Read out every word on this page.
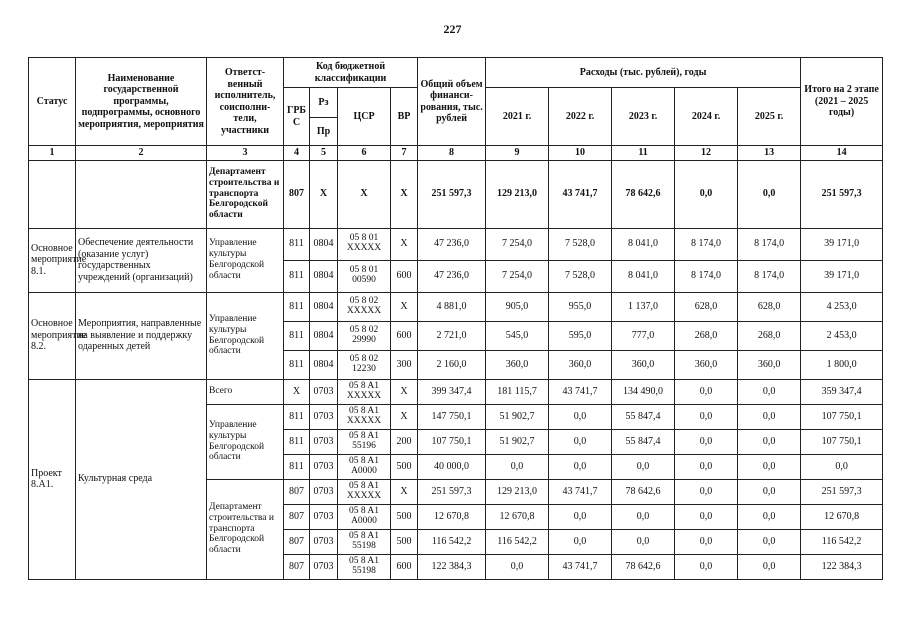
227
Статус	Наименование государственной программы, подпрограммы, основного мероприятия, мероприятия	Ответст-венный исполнитель, соисполни-тели, участники	Код бюджетной классификации				Общий объем финанси-рования, тыс. рублей	Расходы (тыс. рублей), годы					Итого на 2 этапе (2021 – 2025 годы)
			ГРБ С	Рз	ЦСР	ВР		2021 г.	2022 г.	2023 г.	2024 г.	2025 г.	
				Пр									
1	2	3	4	5	6	7	8	9	10	11	12	13	14
		Департамент строительства и транспорта Белгородской области	807	X	X	X	251 597,3	129 213,0	43 741,7	78 642,6	0,0	0,0	251 597,3
Основное мероприятие 8.1.	Обеспечение деятельности (оказание услуг) государственных учреждений (организаций)	Управление культуры Белгородской области	811	0804	05 8 01 XXXXX	X	47 236,0	7 254,0	7 528,0	8 041,0	8 174,0	8 174,0	39 171,0
			811	0804	05 8 01 00590	600	47 236,0	7 254,0	7 528,0	8 041,0	8 174,0	8 174,0	39 171,0
Основное мероприятие 8.2.	Мероприятия, направленные на выявление и поддержку одаренных детей	Управление культуры Белгородской области	811	0804	05 8 02 XXXXX	X	4 881,0	905,0	955,0	1 137,0	628,0	628,0	4 253,0
			811	0804	05 8 02 29990	600	2 721,0	545,0	595,0	777,0	268,0	268,0	2 453,0
			811	0804	05 8 02 12230	300	2 160,0	360,0	360,0	360,0	360,0	360,0	1 800,0
Проект 8.А1.	Культурная среда	Всего	X	0703	05 8 A1 XXXXX	X	399 347,4	181 115,7	43 741,7	134 490,0	0,0	0,0	359 347,4
		Управление культуры Белгородской области	811	0703	05 8 A1 XXXXX	X	147 750,1	51 902,7	0,0	55 847,4	0,0	0,0	107 750,1
			811	0703	05 8 A1 55196	200	107 750,1	51 902,7	0,0	55 847,4	0,0	0,0	107 750,1
			811	0703	05 8 A1 A0000	500	40 000,0	0,0	0,0	0,0	0,0	0,0	0,0
		Департамент строительства и транспорта Белгородской области	807	0703	05 8 A1 XXXXX	X	251 597,3	129 213,0	43 741,7	78 642,6	0,0	0,0	251 597,3
			807	0703	05 8 A1 A0000	500	12 670,8	12 670,8	0,0	0,0	0,0	0,0	12 670,8
			807	0703	05 8 A1 55198	500	116 542,2	116 542,2	0,0	0,0	0,0	0,0	116 542,2
			807	0703	05 8 A1 55198	600	122 384,3	0,0	43 741,7	78 642,6	0,0	0,0	122 384,3
